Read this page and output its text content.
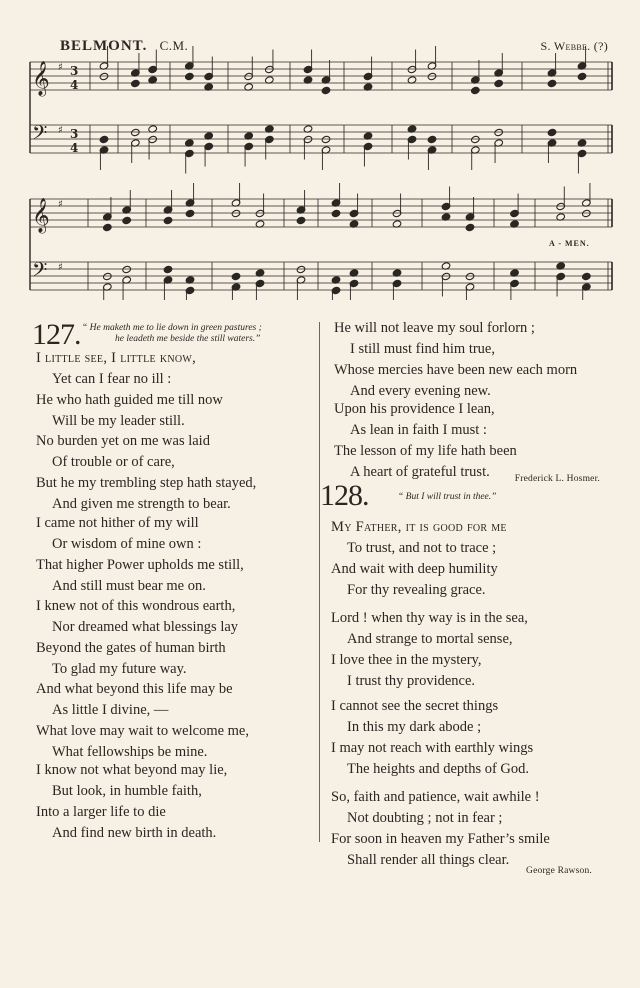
BELMONT. C.M.	S. Webbe. (?)
𝄞 3
4
♯
𝄢 3
4
♯
𝄞 ♯
𝄢 ♯
A - MEN.
127. “ He maketh me to lie down in green pastures ;
he leadeth me beside the still waters.”
I little see, I little know,
Yet can I fear no ill :
He who hath guided me till now
Will be my leader still.
No burden yet on me was laid
Of trouble or of care,
But he my trembling step hath stayed,
And given me strength to bear.
I came not hither of my will
Or wisdom of mine own :
That higher Power upholds me still,
And still must bear me on.
I knew not of this wondrous earth,
Nor dreamed what blessings lay
Beyond the gates of human birth
To glad my future way.
And what beyond this life may be
As little I divine, —
What love may wait to welcome me,
What fellowships be mine.
I know not what beyond may lie,
But look, in humble faith,
Into a larger life to die
And find new birth in death.
He will not leave my soul forlorn ;
I still must find him true,
Whose mercies have been new each morn
And every evening new.
Upon his providence I lean,
As lean in faith I must :
The lesson of my life hath been
A heart of grateful trust.	Frederick L. Hosmer.
128.	“ But I will trust in thee.”
My Father, it is good for me
To trust, and not to trace ;
And wait with deep humility
For thy revealing grace.
Lord ! when thy way is in the sea,
And strange to mortal sense,
I love thee in the mystery,
I trust thy providence.
I cannot see the secret things
In this my dark abode ;
I may not reach with earthly wings
The heights and depths of God.
So, faith and patience, wait awhile !
Not doubting ; not in fear ;
For soon in heaven my Father’s smile
Shall render all things clear.
George Rawson.
